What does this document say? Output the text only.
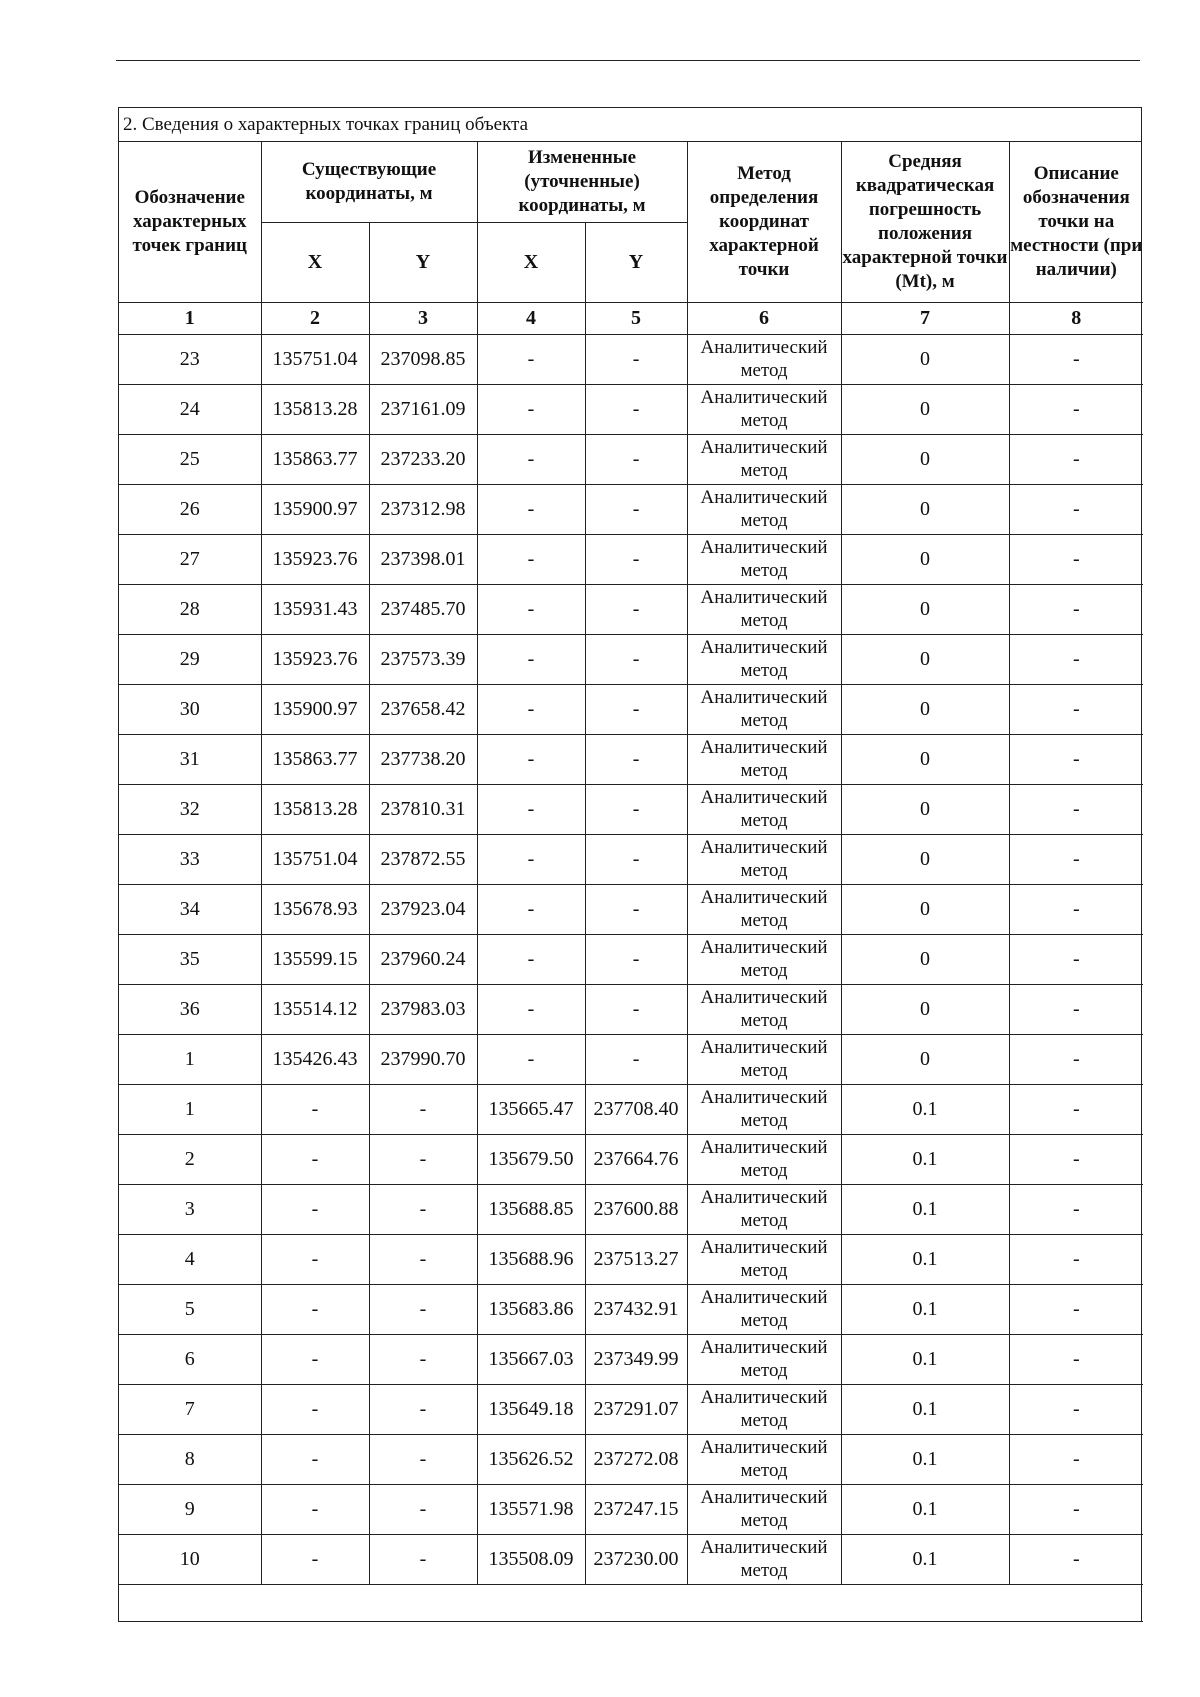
2. Сведения о характерных точках границ объекта
Обозначение характерных точек границ	Существующие координаты, м		Измененные (уточненные) координаты, м		Метод определения координат характерной точки	Средняя квадратическая погрешность положения характерной точки (Mt), м	Описание обозначения точки на местности (при наличии)
	X	Y	X	Y			
1	2	3	4	5	6	7	8
23	135751.04	237098.85	-	-	Аналитический метод	0	-
24	135813.28	237161.09	-	-	Аналитический метод	0	-
25	135863.77	237233.20	-	-	Аналитический метод	0	-
26	135900.97	237312.98	-	-	Аналитический метод	0	-
27	135923.76	237398.01	-	-	Аналитический метод	0	-
28	135931.43	237485.70	-	-	Аналитический метод	0	-
29	135923.76	237573.39	-	-	Аналитический метод	0	-
30	135900.97	237658.42	-	-	Аналитический метод	0	-
31	135863.77	237738.20	-	-	Аналитический метод	0	-
32	135813.28	237810.31	-	-	Аналитический метод	0	-
33	135751.04	237872.55	-	-	Аналитический метод	0	-
34	135678.93	237923.04	-	-	Аналитический метод	0	-
35	135599.15	237960.24	-	-	Аналитический метод	0	-
36	135514.12	237983.03	-	-	Аналитический метод	0	-
1	135426.43	237990.70	-	-	Аналитический метод	0	-
1	-	-	135665.47	237708.40	Аналитический метод	0.1	-
2	-	-	135679.50	237664.76	Аналитический метод	0.1	-
3	-	-	135688.85	237600.88	Аналитический метод	0.1	-
4	-	-	135688.96	237513.27	Аналитический метод	0.1	-
5	-	-	135683.86	237432.91	Аналитический метод	0.1	-
6	-	-	135667.03	237349.99	Аналитический метод	0.1	-
7	-	-	135649.18	237291.07	Аналитический метод	0.1	-
8	-	-	135626.52	237272.08	Аналитический метод	0.1	-
9	-	-	135571.98	237247.15	Аналитический метод	0.1	-
10	-	-	135508.09	237230.00	Аналитический метод	0.1	-
